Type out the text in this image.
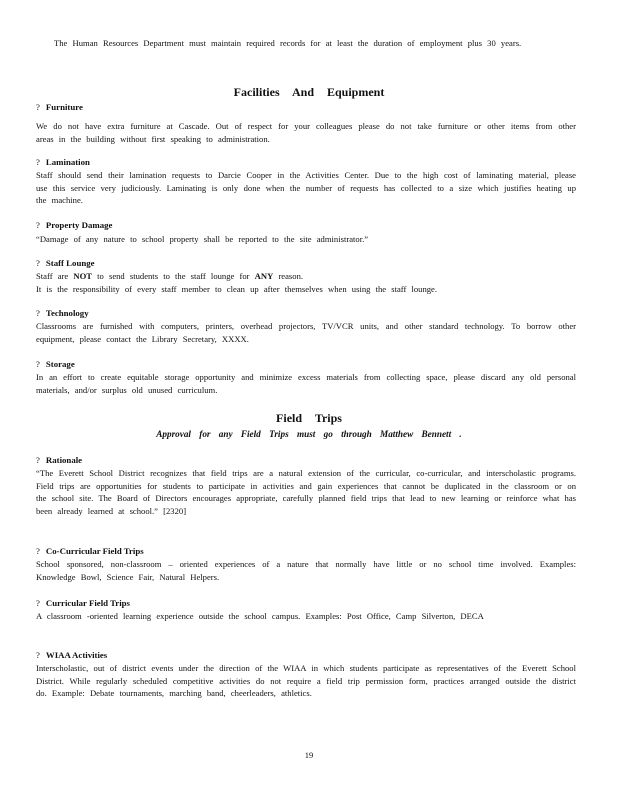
The Human Resources Department must maintain required records for at least the duration of employment plus 30 years.
Facilities And Equipment
? Furniture
We do not have extra furniture at Cascade. Out of respect for your colleagues please do not take furniture or other items from other areas in the building without first speaking to administration.
? Lamination
Staff should send their lamination requests to Darcie Cooper in the Activities Center. Due to the high cost of laminating material, please use this service very judiciously. Laminating is only done when the number of requests has collected to a size which justifies heating up the machine.
? Property Damage
“Damage of any nature to school property shall be reported to the site administrator.”
? Staff Lounge
Staff are NOT to send students to the staff lounge for ANY reason.
It is the responsibility of every staff member to clean up after themselves when using the staff lounge.
? Technology
Classrooms are furnished with computers, printers, overhead projectors, TV/VCR units, and other standard technology. To borrow other equipment, please contact the Library Secretary, XXXX.
? Storage
In an effort to create equitable storage opportunity and minimize excess materials from collecting space, please discard any old personal materials, and/or surplus old unused curriculum.
Field Trips
Approval for any Field Trips must go through Matthew Bennett .
? Rationale
“The Everett School District recognizes that field trips are a natural extension of the curricular, co-curricular, and interscholastic programs. Field trips are opportunities for students to participate in activities and gain experiences that cannot be duplicated in the classroom or on the school site. The Board of Directors encourages appropriate, carefully planned field trips that lead to new learning or reinforce what has been already learned at school.” [2320]
? Co-Curricular Field Trips
School sponsored, non-classroom – oriented experiences of a nature that normally have little or no school time involved. Examples: Knowledge Bowl, Science Fair, Natural Helpers.
? Curricular Field Trips
A classroom -oriented learning experience outside the school campus. Examples: Post Office, Camp Silverton, DECA
? WIAA Activities
Interscholastic, out of district events under the direction of the WIAA in which students participate as representatives of the Everett School District. While regularly scheduled competitive activities do not require a field trip permission form, practices arranged outside the district do. Example: Debate tournaments, marching band, cheerleaders, athletics.
19
